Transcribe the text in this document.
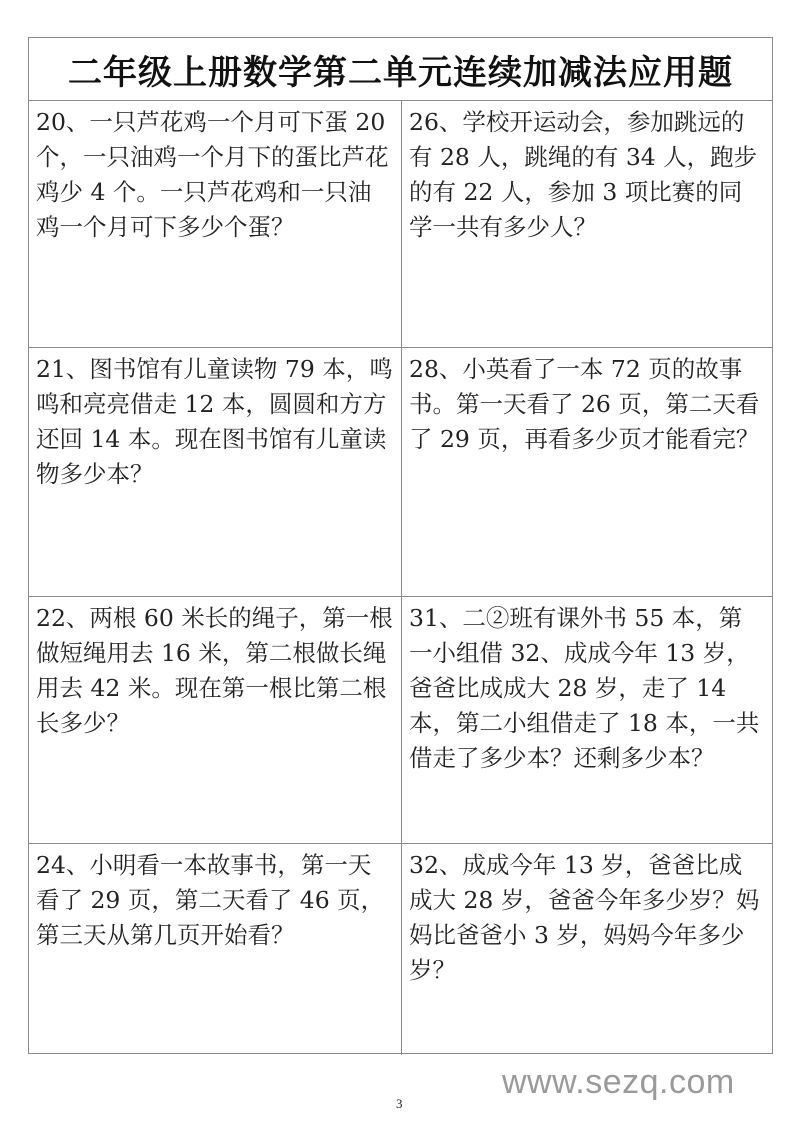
二年级上册数学第二单元连续加减法应用题
20、一只芦花鸡一个月可下蛋 20 个，一只油鸡一个月下的蛋比芦花鸡少 4 个。一只芦花鸡和一只油鸡一个月可下多少个蛋？
26、学校开运动会，参加跳远的有 28 人，跳绳的有 34 人，跑步的有 22 人，参加 3 项比赛的同学一共有多少人？
21、图书馆有儿童读物 79 本，鸣鸣和亮亮借走 12 本，圆圆和方方还回 14 本。现在图书馆有儿童读物多少本？
28、小英看了一本 72 页的故事书。第一天看了 26 页，第二天看了 29 页，再看多少页才能看完？
22、两根 60 米长的绳子，第一根做短绳用去 16 米，第二根做长绳用去 42 米。现在第一根比第二根长多少？
31、二②班有课外书 55 本，第一小组借 32、成成今年 13 岁，爸爸比成成大 28 岁，走了 14 本，第二小组借走了 18 本，一共借走了多少本？还剩多少本？
24、小明看一本故事书，第一天看了 29 页，第二天看了 46 页，第三天从第几页开始看？
32、成成今年 13 岁，爸爸比成成大 28 岁，爸爸今年多少岁？妈妈比爸爸小 3 岁，妈妈今年多少岁？
www.sezq.com
3
